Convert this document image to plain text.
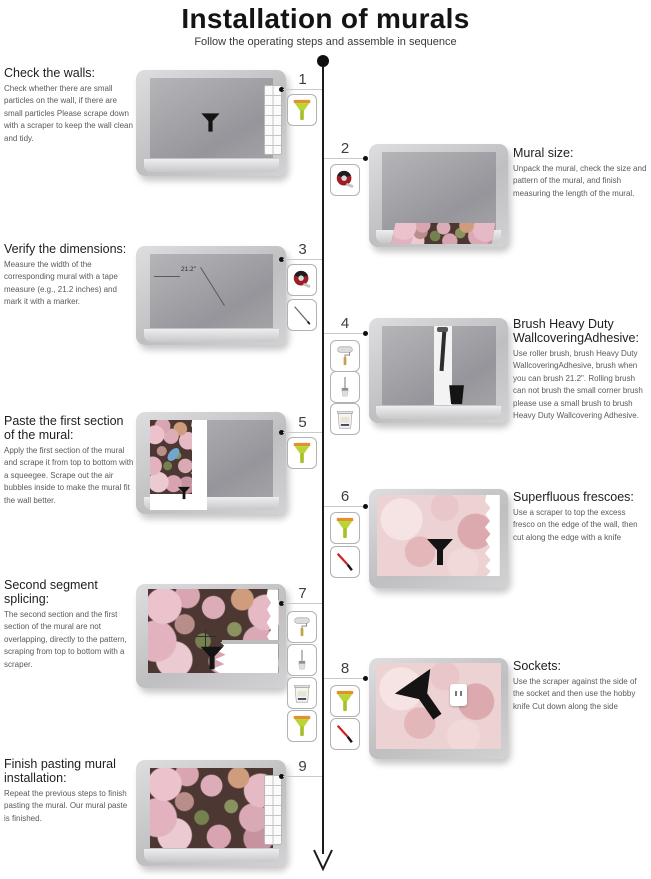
Installation of murals
Follow the operating steps and assemble in sequence
Check the walls:

Check whether there are small particles on the wall, if there are small particles Please scrape down with a scraper to keep the wall clean and tidy.

1
2	Mural size:

Unpack the mural, check the size and pattern of the mural, and finish measuring the length of the mural.

Verify the dimensions:

Measure the width of the corresponding mural with a tape measure (e.g., 21.2 inches) and mark it with a marker.

21.2"
3
4	Brush Heavy Duty WallcoveringAdhesive:

Use roller brush, brush Heavy Duty WallcoveringAdhesive, brush when you can brush 21.2". Rolling brush can not brush the small corner brush please use a small brush to brush Heavy Duty Wallcovering Adhesive.

Paste the first section of the mural:

Apply the first section of the mural and scrape it from top to bottom with a squeegee. Scrape out the air bubbles inside to make the mural fit the wall better.

5
6	Superfluous frescoes:

Use a scraper to top the excess fresco on the edge of the wall, then cut along the edge with a knife

Second segment splicing:

The second section and the first section of the mural are not overlapping, directly to the pattern, scraping from top to bottom with a scraper.

7
8	Sockets:

Use the scraper against the side of the socket and then use the hobby knife Cut down along the side

Finish pasting mural installation:

Repeat the previous steps to finish pasting the mural. Our mural paste is finished.

9
